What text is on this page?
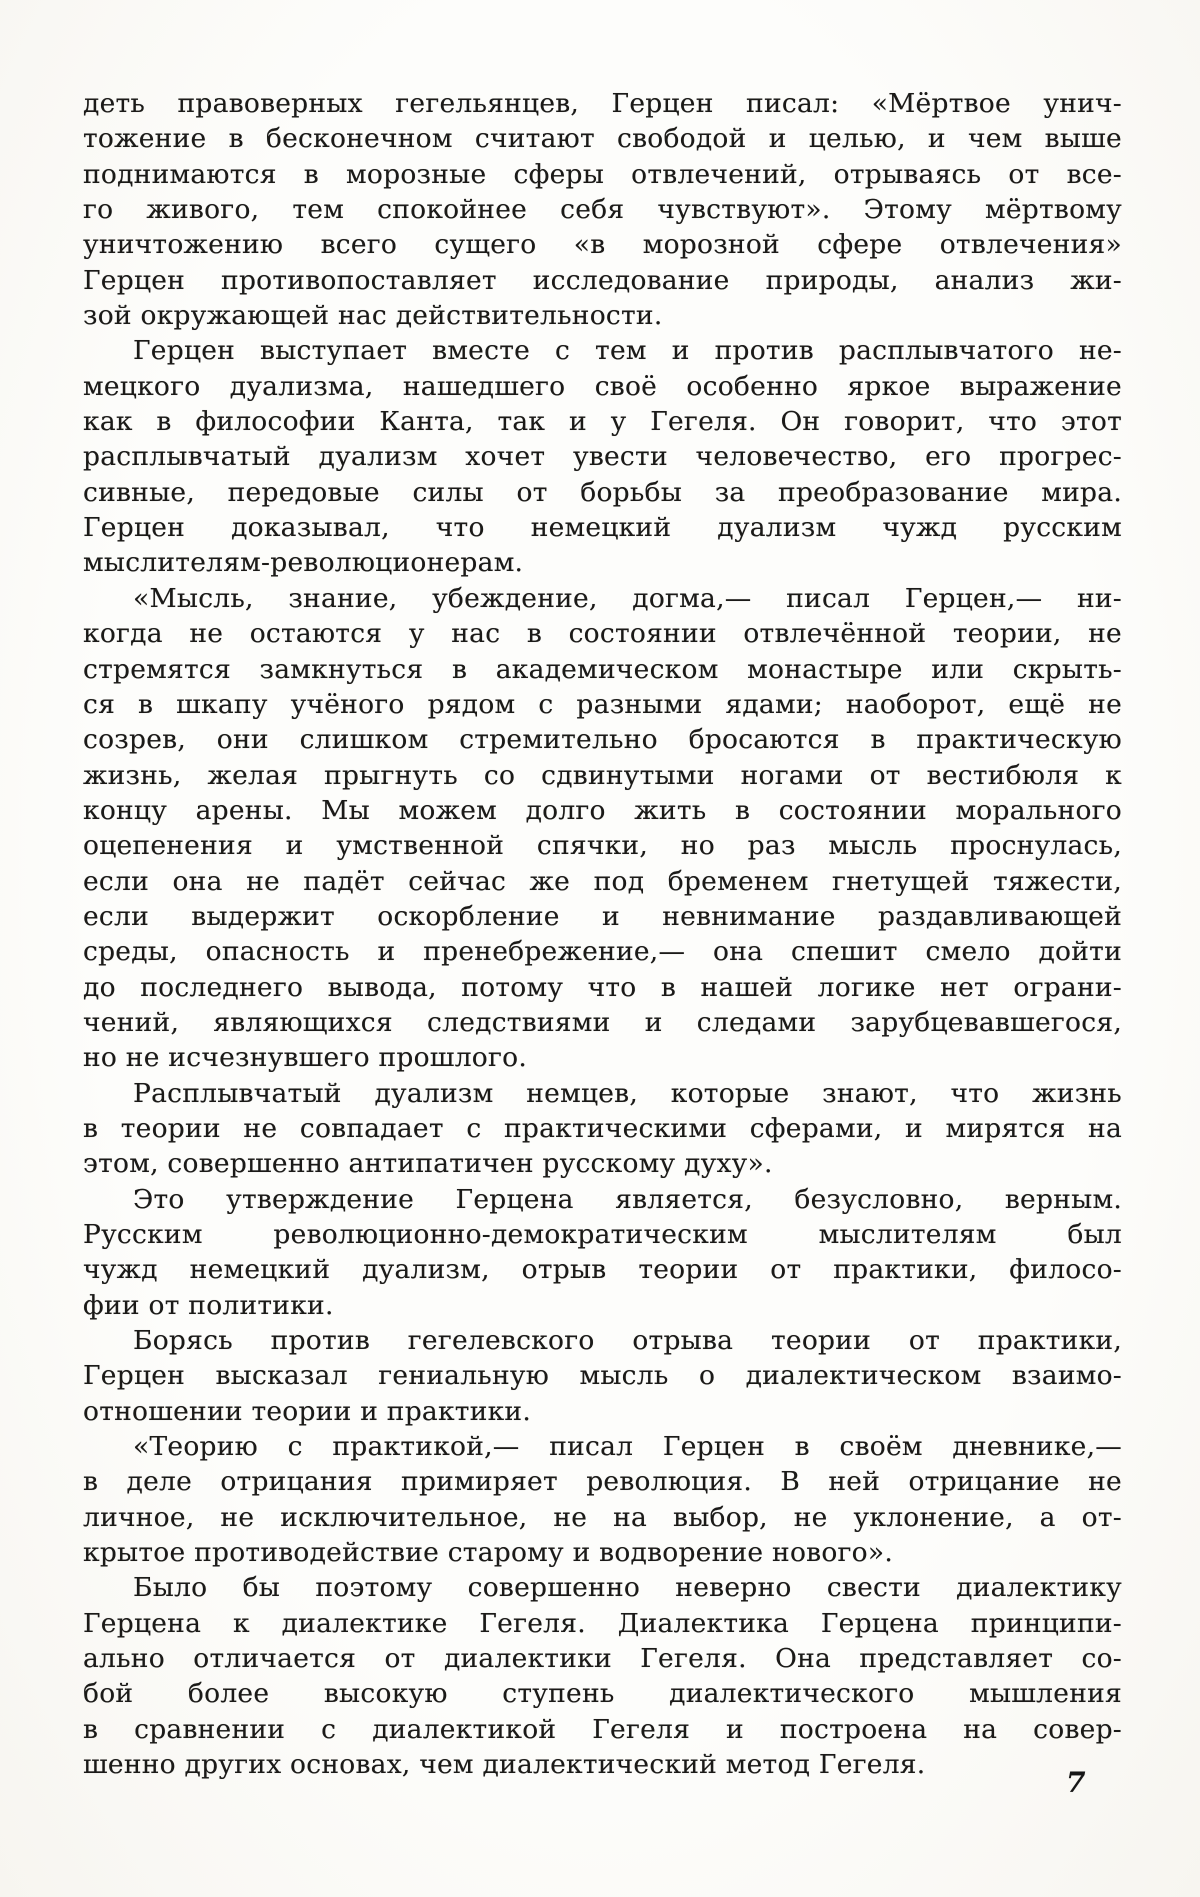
деть правоверных гегельянцев, Герцен писал: «Мёртвое унич-
тожение в бесконечном считают свободой и целью, и чем выше
поднимаются в морозные сферы отвлечений, отрываясь от все-
го живого, тем спокойнее себя чувствуют». Этому мёртвому
уничтожению всего сущего «в морозной сфере отвлечения»
Герцен противопоставляет исследование природы, анализ жи-
зой окружающей нас действительности.
Герцен выступает вместе с тем и против расплывчатого не-
мецкого дуализма, нашедшего своё особенно яркое выражение
как в философии Канта, так и у Гегеля. Он говорит, что этот
расплывчатый дуализм хочет увести человечество, его прогрес-
сивные, передовые силы от борьбы за преобразование мира.
Герцен доказывал, что немецкий дуализм чужд русским
мыслителям-революционерам.
«Мысль, знание, убеждение, догма,— писал Герцен,— ни-
когда не остаются у нас в состоянии отвлечённой теории, не
стремятся замкнуться в академическом монастыре или скрыть-
ся в шкапу учёного рядом с разными ядами; наоборот, ещё не
созрев, они слишком стремительно бросаются в практическую
жизнь, желая прыгнуть со сдвинутыми ногами от вестибюля к
концу арены. Мы можем долго жить в состоянии морального
оцепенения и умственной спячки, но раз мысль проснулась,
если она не падёт сейчас же под бременем гнетущей тяжести,
если выдержит оскорбление и невнимание раздавливающей
среды, опасность и пренебрежение,— она спешит смело дойти
до последнего вывода, потому что в нашей логике нет ограни-
чений, являющихся следствиями и следами зарубцевавшегося,
но не исчезнувшего прошлого.
Расплывчатый дуализм немцев, которые знают, что жизнь
в теории не совпадает с практическими сферами, и мирятся на
этом, совершенно антипатичен русскому духу».
Это утверждение Герцена является, безусловно, верным.
Русским революционно-демократическим мыслителям был
чужд немецкий дуализм, отрыв теории от практики, филосо-
фии от политики.
Борясь против гегелевского отрыва теории от практики,
Герцен высказал гениальную мысль о диалектическом взаимо-
отношении теории и практики.
«Теорию с практикой,— писал Герцен в своём дневнике,—
в деле отрицания примиряет революция. В ней отрицание не
личное, не исключительное, не на выбор, не уклонение, а от-
крытое противодействие старому и водворение нового».
Было бы поэтому совершенно неверно свести диалектику
Герцена к диалектике Гегеля. Диалектика Герцена принципи-
ально отличается от диалектики Гегеля. Она представляет со-
бой более высокую ступень диалектического мышления
в сравнении с диалектикой Гегеля и построена на совер-
шенно других основах, чем диалектический метод Гегеля.
7
